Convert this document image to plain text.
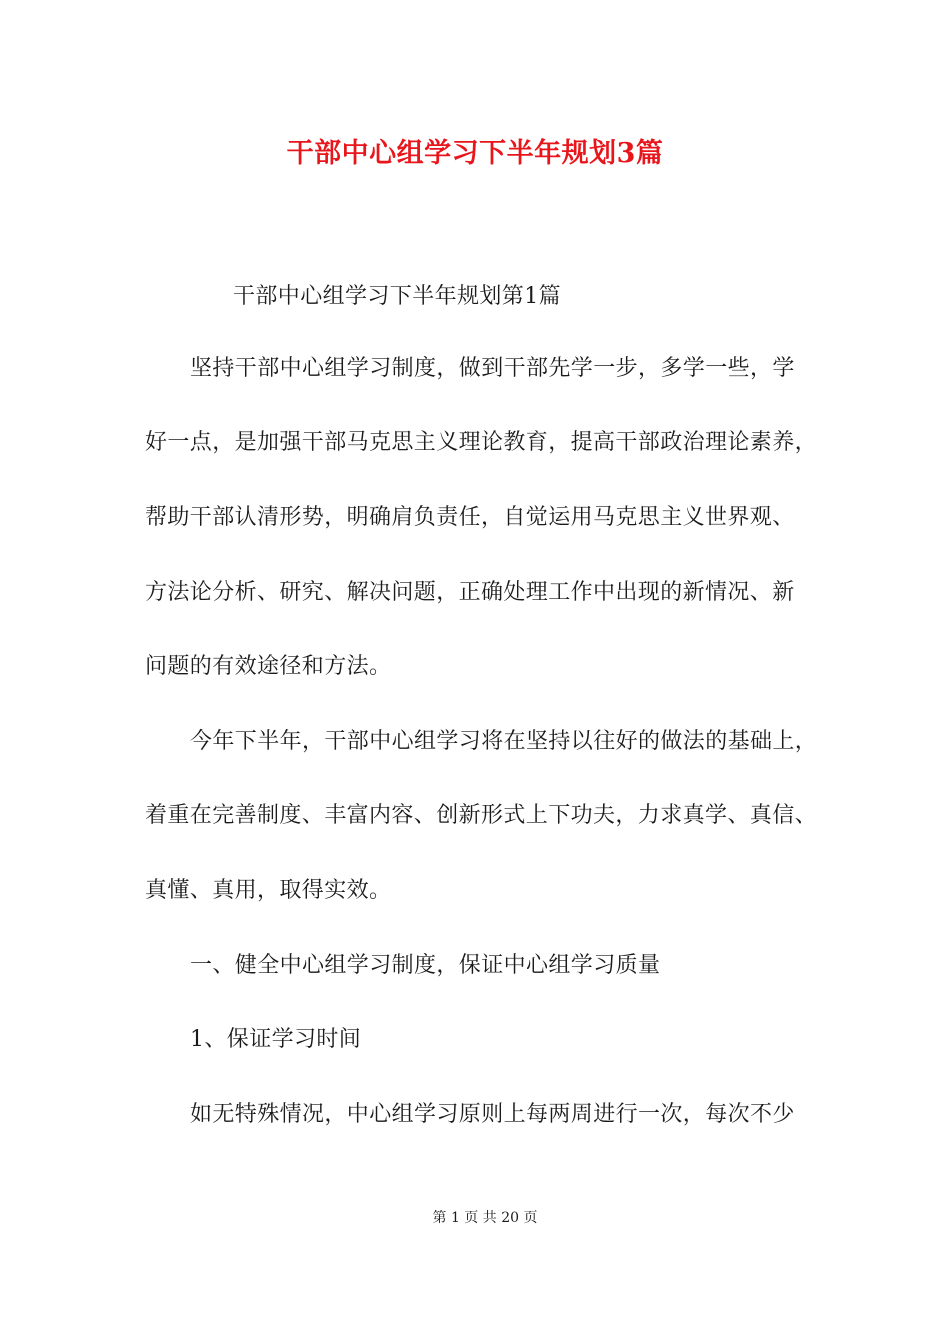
干部中心组学习下半年规划3篇
干部中心组学习下半年规划第1篇
坚持干部中心组学习制度，做到干部先学一步，多学一些，学
好一点，是加强干部马克思主义理论教育，提高干部政治理论素养，
帮助干部认清形势，明确肩负责任，自觉运用马克思主义世界观、
方法论分析、研究、解决问题，正确处理工作中出现的新情况、新
问题的有效途径和方法。
今年下半年，干部中心组学习将在坚持以往好的做法的基础上，
着重在完善制度、丰富内容、创新形式上下功夫，力求真学、真信、
真懂、真用，取得实效。
一、健全中心组学习制度，保证中心组学习质量
1、保证学习时间
如无特殊情况，中心组学习原则上每两周进行一次，每次不少
第 1 页 共 20 页
